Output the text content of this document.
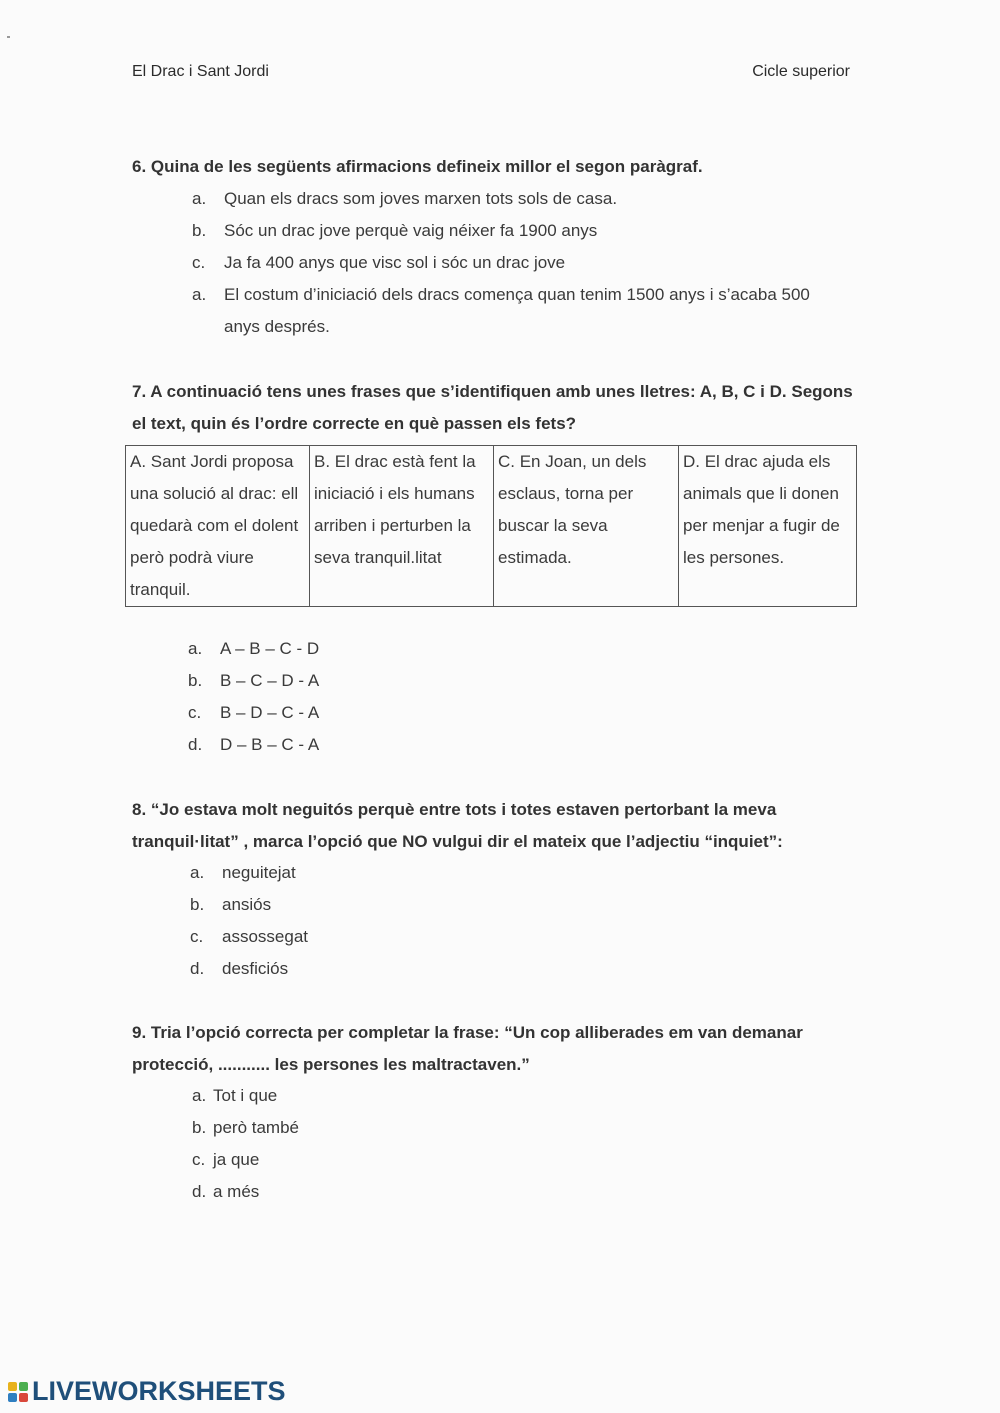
El Drac i Sant Jordi	Cicle superior
6. Quina de les següents afirmacions defineix millor el segon paràgraf.
a.	Quan els dracs som joves marxen tots sols de casa.
b.	Sóc un drac jove perquè vaig néixer fa 1900 anys
c.	Ja fa 400 anys que visc sol i sóc un drac jove
a.	El costum d’iniciació dels dracs comença quan tenim 1500 anys i s’acaba 500 anys després.
7. A continuació tens unes frases que s’identifiquen amb unes lletres: A, B, C i D. Segons el text, quin és l’ordre correcte en què passen els fets?
A. Sant Jordi proposa una solució al drac: ell quedarà com el dolent però podrà viure tranquil.	B. El drac està fent la iniciació i els humans arriben i perturben la seva tranquil.litat	C. En Joan, un dels esclaus, torna per buscar la seva estimada.	D. El drac ajuda els animals que li donen per menjar a fugir de les persones.
a.	A – B – C - D
b.	B – C – D - A
c.	B – D – C - A
d.	D – B – C - A
8. “Jo estava molt neguitós perquè entre tots i totes estaven pertorbant la meva tranquil·litat” , marca l’opció que NO vulgui dir el mateix que l’adjectiu “inquiet”:
a.	neguitejat
b.	ansiós
c.	assossegat
d.	desficiós
9. Tria l’opció correcta per completar la frase: “Un cop alliberades em van demanar protecció, ........... les persones les maltractaven.”
a. Tot i que
b. però també
c. ja que
d. a més
LIVEWORKSHEETS
